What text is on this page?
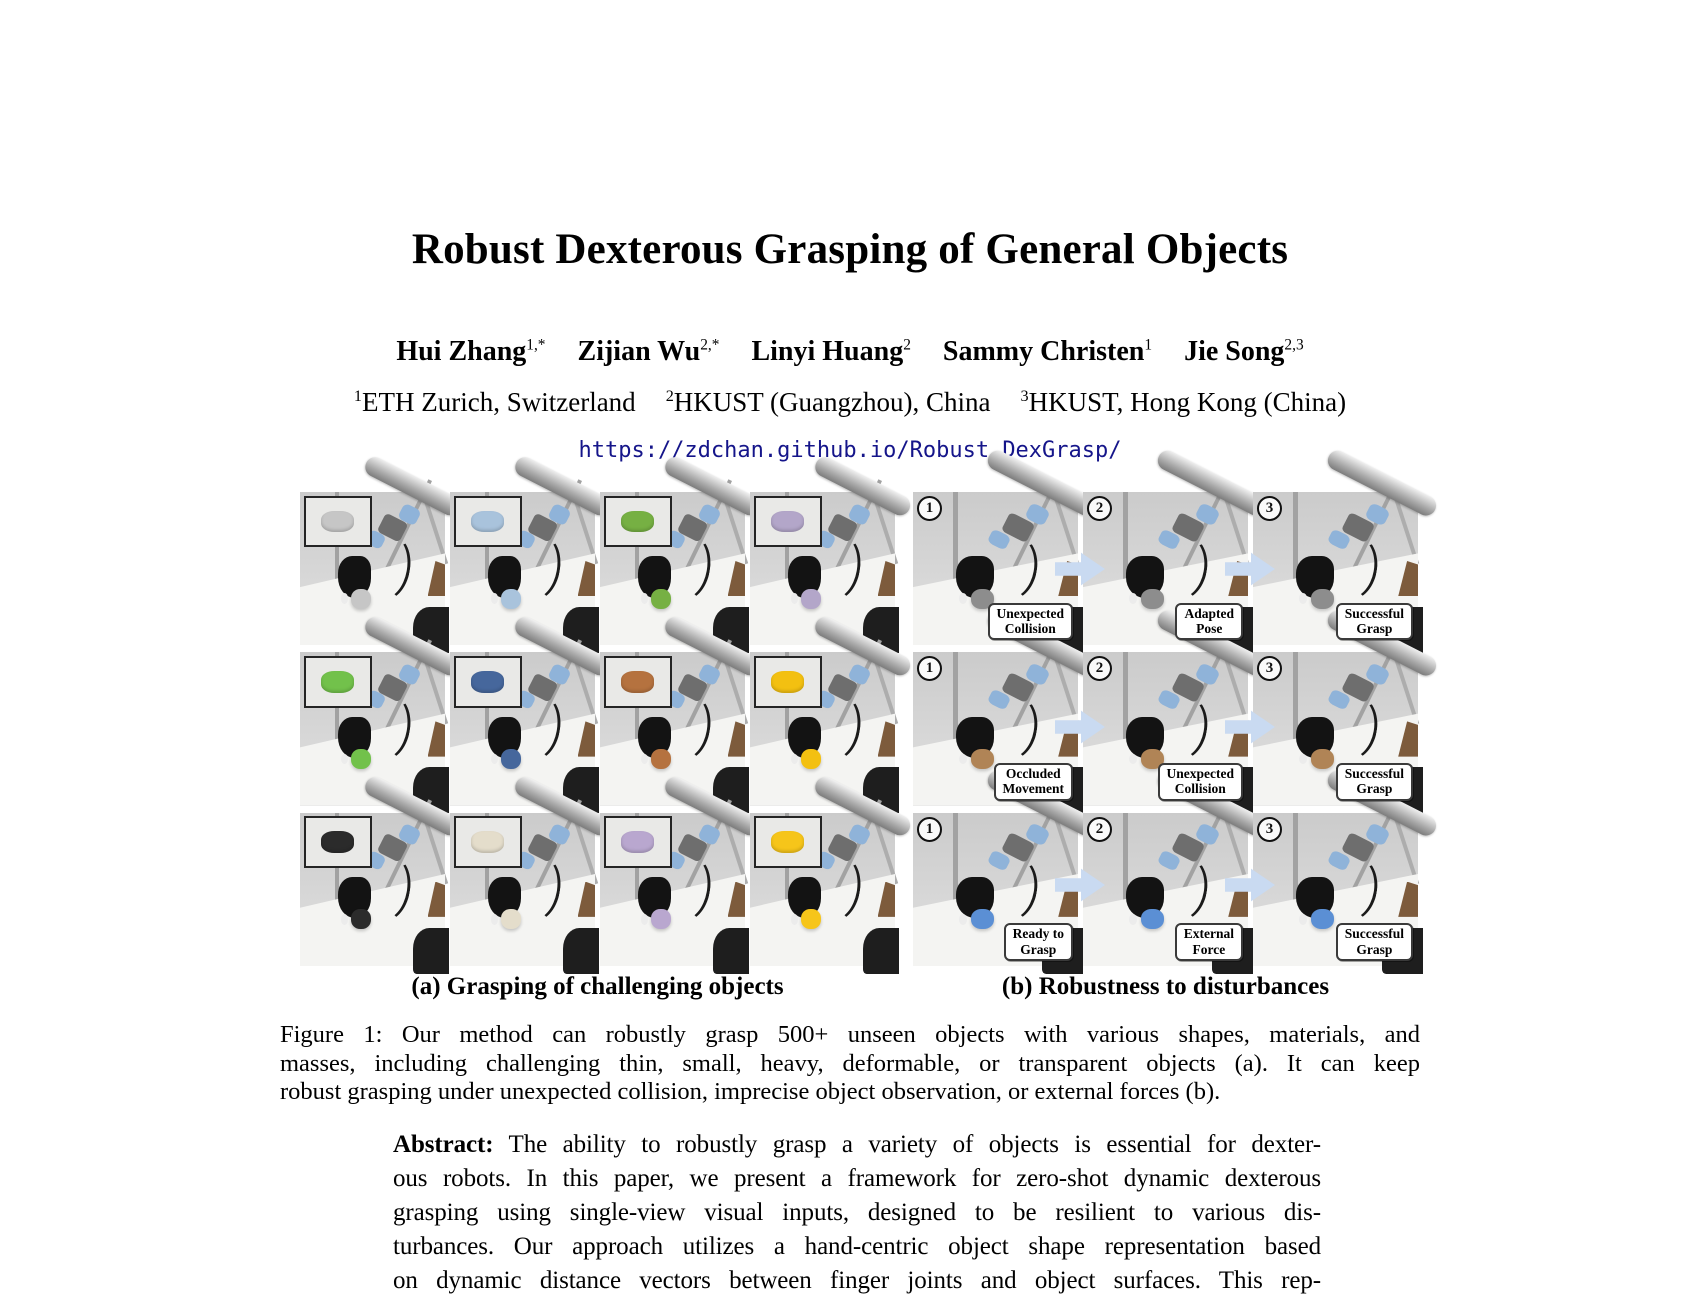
Robust Dexterous Grasping of General Objects
Hui Zhang$^{1,*}$ Zijian $Wu^{2,*}$ Linyi Huang$^2$ Sammy Christen$^1$ Jie Song$^{2,3}$
$^1$ETH Zurich, Switzerland $^2$HKUST (Guangzhou), China $^3$HKUST, Hong Kong (China)
https://zdchan.github.io/Robust_DexGrasp/
1
Unexpected
Collision
2
Adapted
Pose
3
Successful
Grasp
1
Occluded
Movement
2
Unexpected
Collision
3
Successful
Grasp
1
Ready to
Grasp
2
External
Force
3
Successful
Grasp
(a) Grasping of challenging objects	(b) Robustness to disturbances
Figure 1: Our method can robustly grasp 500+ unseen objects with various shapes, materials, and
masses, including challenging thin, small, heavy, deformable, or transparent objects (a). It can keep
robust grasping under unexpected collision, imprecise object observation, or external forces (b).
Abstract: The ability to robustly grasp a variety of objects is essential for dexter-
ous robots. In this paper, we present a framework for zero-shot dynamic dexterous
grasping using single-view visual inputs, designed to be resilient to various dis-
turbances. Our approach utilizes a hand-centric object shape representation based
on dynamic distance vectors between finger joints and object surfaces. This rep-
